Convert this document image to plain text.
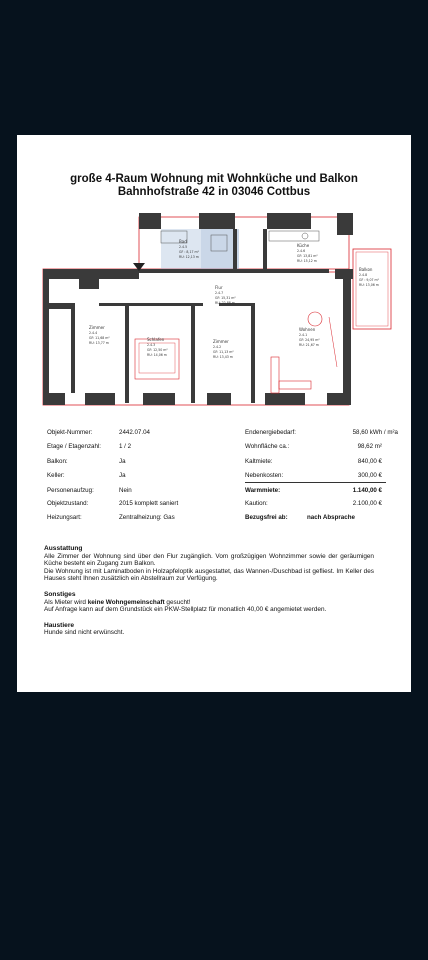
große 4-Raum Wohnung mit Wohnküche und Balkon
Bahnhofstraße 42 in 03046 Cottbus
Bad
2.4.5
GF : 8,17 m²
RU: 12,13 m
Küche
2.4.6
GF: 13,81 m²
RU: 15,12 m
Balkon
2.4.8
GF : 9,07 m²
RU: 13,06 m
Flur
2.4.7
GF: 15,31 m²
RU: 22,88 m
Zimmer
2.4.4
GF: 11,68 m²
RU: 13,77 m
Schlafen
2.4.3
GF: 12,50 m²
RU: 14,06 m
Zimmer
2.4.2
GF: 11,13 m²
RU: 13,43 m
Wohnen
2.4.1
GF: 24,95 m²
RU: 21,67 m
Objekt-Nummer:	2442.07.04
Etage / Etagenzahl:	1 / 2
Balkon:	Ja
Keller:	Ja
Personenaufzug:	Nein
Objektzustand:	2015 komplett saniert
Heizungsart:	Zentralheizung: Gas
Endenergiebedarf:	58,60 kWh / m²a
Wohnfläche ca.:	98,62 m²
Kaltmiete:	840,00 €
Nebenkosten:	300,00 €
Warmmiete:	1.140,00 €
Kaution:	2.100,00 €
Bezugsfrei ab:	nach Absprache
Ausstattung

Alle Zimmer der Wohnung sind über den Flur zugänglich. Vom großzügigen Wohnzimmer sowie der geräumigen Küche besteht ein Zugang zum Balkon.

Die Wohnung ist mit Laminatboden in Holzapfeloptik ausgestattet, das Wannen-/Duschbad ist gefliest. Im Keller des Hauses steht Ihnen zusätzlich ein Abstellraum zur Verfügung.

Sonstiges

Als Mieter wird keine Wohngemeinschaft gesucht!

Auf Anfrage kann auf dem Grundstück ein PKW-Stellplatz für monatlich 40,00 € angemietet werden.

Haustiere

Hunde sind nicht erwünscht.
